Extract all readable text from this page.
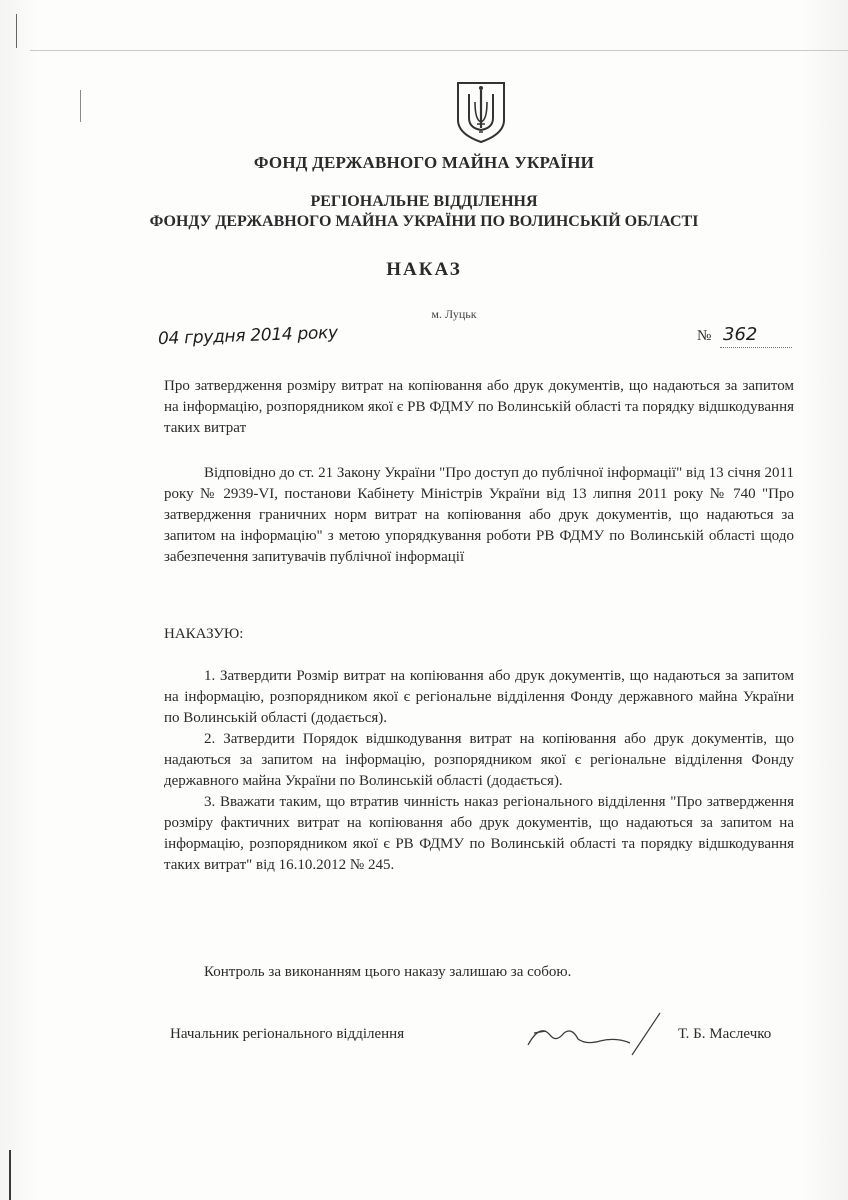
ФОНД ДЕРЖАВНОГО МАЙНА УКРАЇНИ
РЕГІОНАЛЬНЕ ВІДДІЛЕННЯ
ФОНДУ ДЕРЖАВНОГО МАЙНА УКРАЇНИ ПО ВОЛИНСЬКІЙ ОБЛАСТІ
НАКАЗ
м. Луцьк
04 грудня 2014 року	№ 362
Про затвердження розміру витрат на копіювання або друк документів, що надаються за запитом на інформацію, розпорядником якої є РВ ФДМУ по Волинській області та порядку відшкодування таких витрат
Відповідно до ст. 21 Закону України "Про доступ до публічної інформації" від 13 січня 2011 року № 2939-VI, постанови Кабінету Міністрів України від 13 липня 2011 року № 740 "Про затвердження граничних норм витрат на копіювання або друк документів, що надаються за запитом на інформацію" з метою упорядкування роботи РВ ФДМУ по Волинській області щодо забезпечення запитувачів публічної інформації
НАКАЗУЮ:

1. Затвердити Розмір витрат на копіювання або друк документів, що надаються за запитом на інформацію, розпорядником якої є регіональне відділення Фонду державного майна України по Волинській області (додається).

2. Затвердити Порядок відшкодування витрат на копіювання або друк документів, що надаються за запитом на інформацію, розпорядником якої є регіональне відділення Фонду державного майна України по Волинській області (додається).

3. Вважати таким, що втратив чинність наказ регіонального відділення "Про затвердження розміру фактичних витрат на копіювання або друк документів, що надаються за запитом на інформацію, розпорядником якої є РВ ФДМУ по Волинській області та порядку відшкодування таких витрат" від 16.10.2012 № 245.

Контроль за виконанням цього наказу залишаю за собою.
Начальник регіонального відділення	Т. Б. Маслечко
